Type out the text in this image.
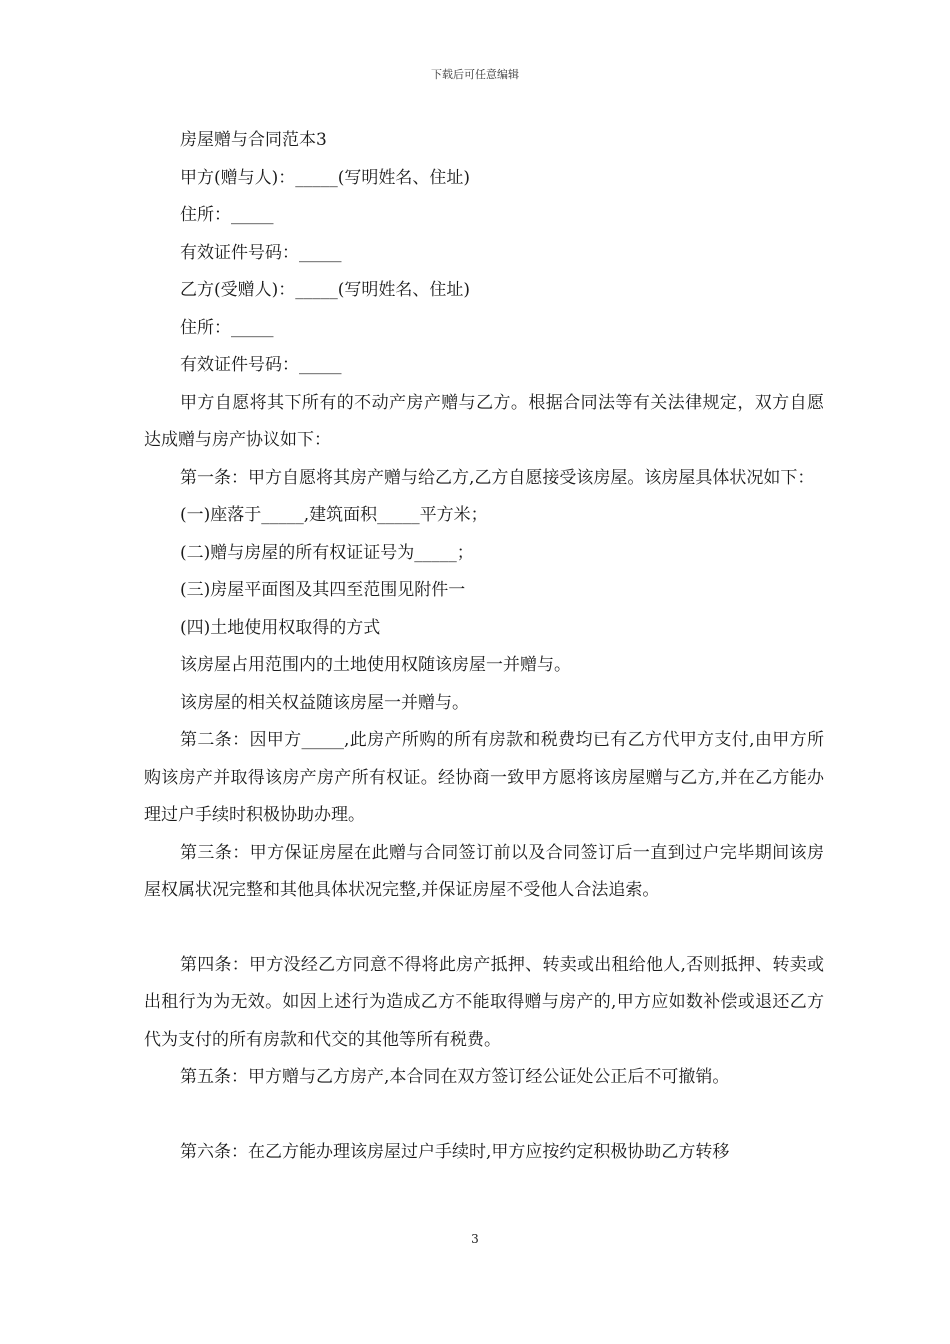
下载后可任意编辑

房屋赠与合同范本3

甲方(赠与人)：_____(写明姓名、住址)

住所：_____

有效证件号码：_____

乙方(受赠人)：_____(写明姓名、住址)

住所：_____

有效证件号码：_____

甲方自愿将其下所有的不动产房产赠与乙方。根据合同法等有关法律规定，双方自愿达成赠与房产协议如下：

第一条：甲方自愿将其房产赠与给乙方,乙方自愿接受该房屋。该房屋具体状况如下：

(一)座落于_____,建筑面积_____平方米；

(二)赠与房屋的所有权证证号为_____；

(三)房屋平面图及其四至范围见附件一

(四)土地使用权取得的方式

该房屋占用范围内的土地使用权随该房屋一并赠与。

该房屋的相关权益随该房屋一并赠与。

第二条：因甲方_____,此房产所购的所有房款和税费均已有乙方代甲方支付,由甲方所购该房产并取得该房产房产所有权证。经协商一致甲方愿将该房屋赠与乙方,并在乙方能办理过户手续时积极协助办理。

第三条：甲方保证房屋在此赠与合同签订前以及合同签订后一直到过户完毕期间该房屋权属状况完整和其他具体状况完整,并保证房屋不受他人合法追索。

第四条：甲方没经乙方同意不得将此房产抵押、转卖或出租给他人,否则抵押、转卖或出租行为为无效。如因上述行为造成乙方不能取得赠与房产的,甲方应如数补偿或退还乙方代为支付的所有房款和代交的其他等所有税费。

第五条：甲方赠与乙方房产,本合同在双方签订经公证处公正后不可撤销。

第六条：在乙方能办理该房屋过户手续时,甲方应按约定积极协助乙方转移

3
